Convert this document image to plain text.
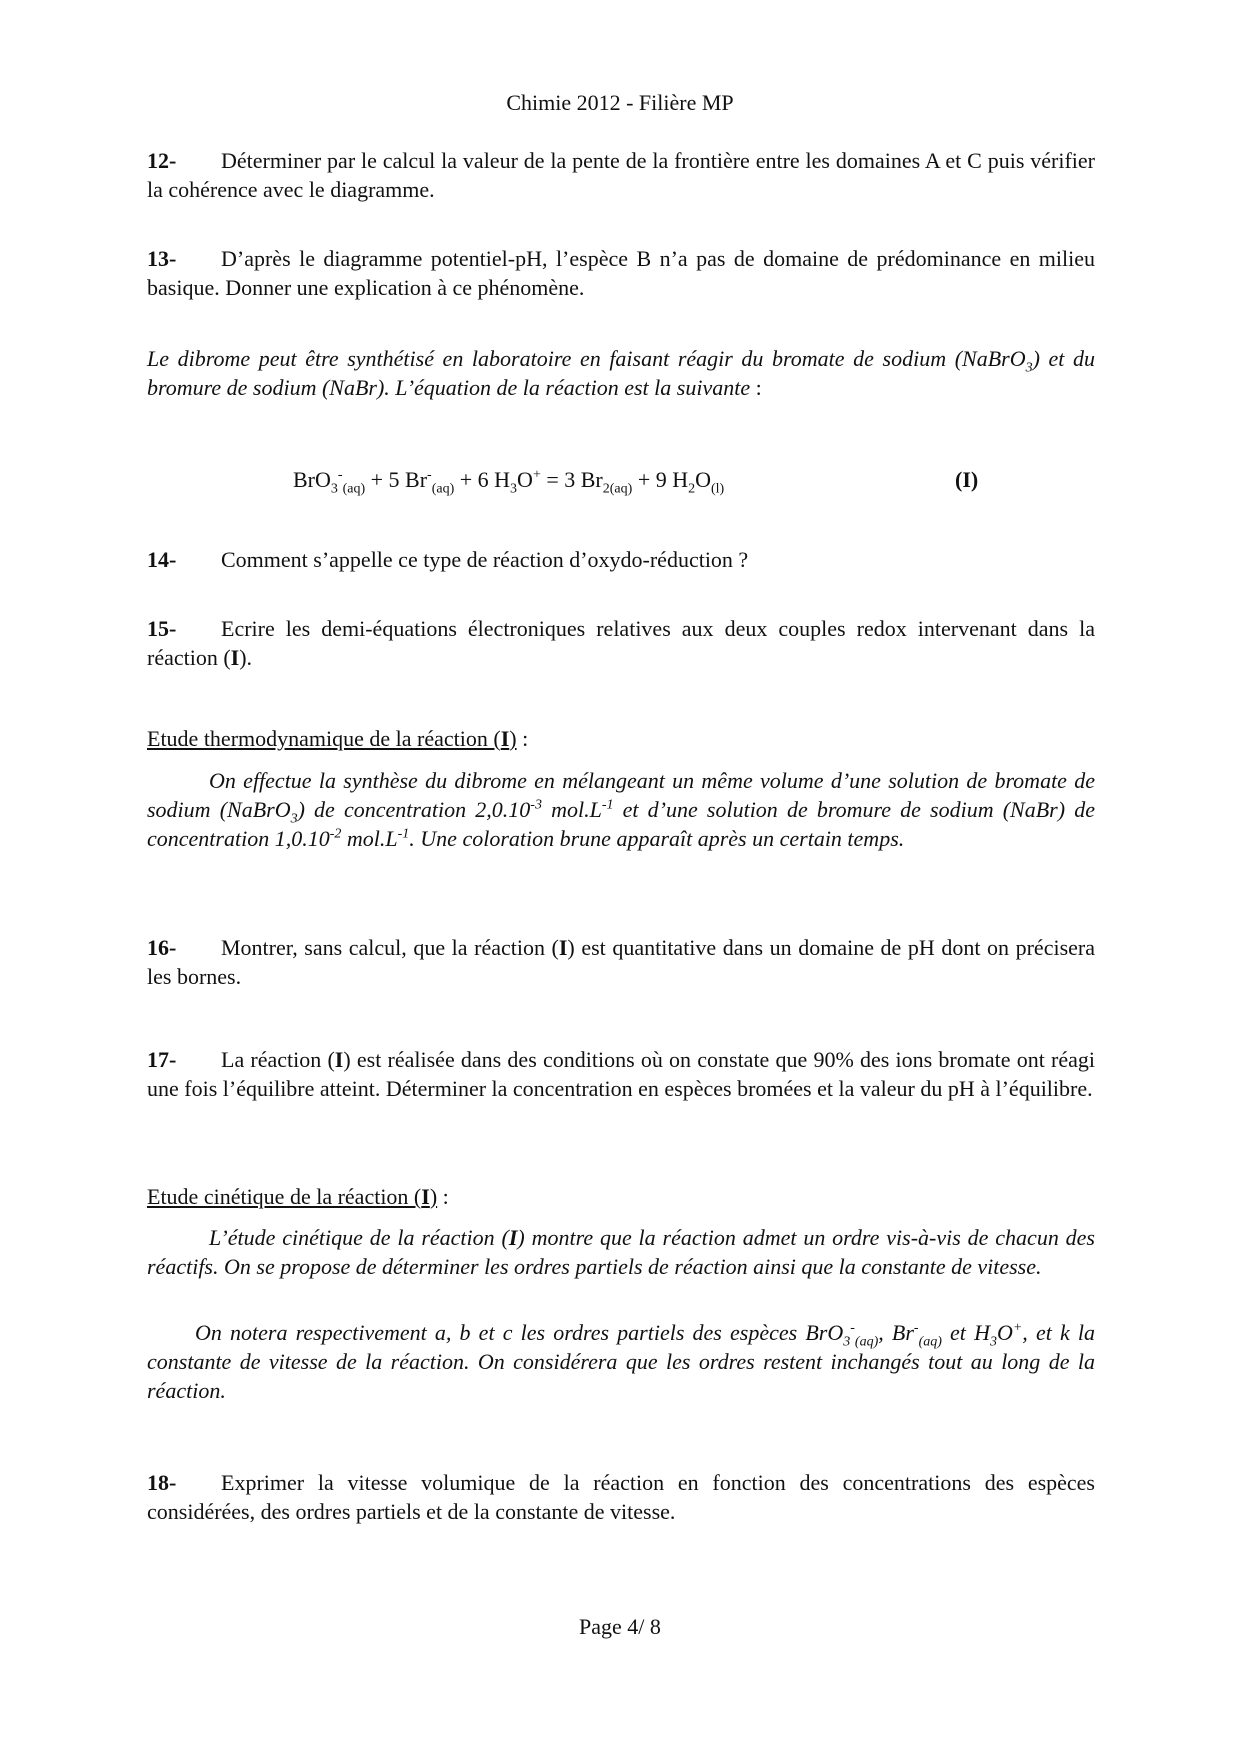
Chimie 2012 - Filière MP
12- Déterminer par le calcul la valeur de la pente de la frontière entre les domaines A et C puis vérifier la cohérence avec le diagramme.
13- D’après le diagramme potentiel-pH, l’espèce B n’a pas de domaine de prédominance en milieu basique. Donner une explication à ce phénomène.
Le dibrome peut être synthétisé en laboratoire en faisant réagir du bromate de sodium (NaBrO$_3$) et du bromure de sodium (NaBr). L’équation de la réaction est la suivante :
BrO$_3$-$_{(aq)}$ + 5 $Br^-_{(aq)} + 6$ $H_3O^+ = 3$ $Br_{2(aq)} + 9$ $H_2O_{(l)}$	(I)
14- Comment s’appelle ce type de réaction d’oxydo-réduction ?
15- Ecrire les demi-équations électroniques relatives aux deux couples redox intervenant dans la réaction (I).
Etude thermodynamique de la réaction (I) :
On effectue la synthèse du dibrome en mélangeant un même volume d’une solution de bromate de sodium (NaBrO$_3$) de concentration $2,0.10^{-3}$ $mol.L^{-1}$ et d’une solution de bromure de sodium (NaBr) de concentration $1,0.10^{-2}$ $mol.L^{-1}$. Une coloration brune apparaît après un certain temps.
16- Montrer, sans calcul, que la réaction (I) est quantitative dans un domaine de pH dont on précisera les bornes.
17- La réaction (I) est réalisée dans des conditions où on constate que 90% des ions bromate ont réagi une fois l’équilibre atteint. Déterminer la concentration en espèces bromées et la valeur du pH à l’équilibre.
Etude cinétique de la réaction (I) :
L’étude cinétique de la réaction (I) montre que la réaction admet un ordre vis-à-vis de chacun des réactifs. On se propose de déterminer les ordres partiels de réaction ainsi que la constante de vitesse.
On notera respectivement a, b et c les ordres partiels des espèces BrO$_3$-$_{(aq)}$, $Br^-_{(aq)}$ et $H_3O^+$, et k la constante de vitesse de la réaction. On considérera que les ordres restent inchangés tout au long de la réaction.
18- Exprimer la vitesse volumique de la réaction en fonction des concentrations des espèces considérées, des ordres partiels et de la constante de vitesse.
Page 4/ 8
